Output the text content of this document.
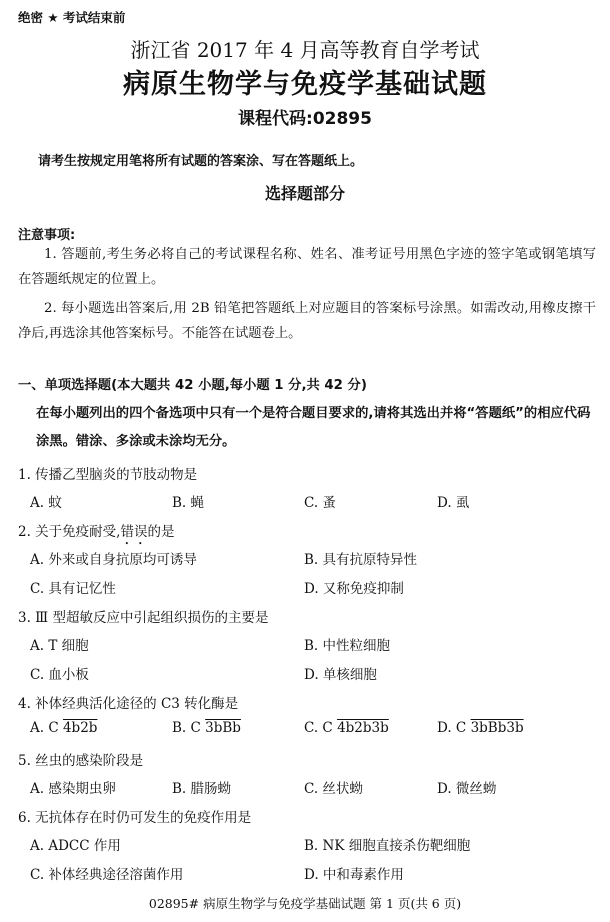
绝密 ★ 考试结束前
浙江省 2017 年 4 月高等教育自学考试
病原生物学与免疫学基础试题
课程代码:02895
请考生按规定用笔将所有试题的答案涂、写在答题纸上。
选择题部分
注意事项:
1. 答题前,考生务必将自己的考试课程名称、姓名、准考证号用黑色字迹的签字笔或钢笔填写在答题纸规定的位置上。
2. 每小题选出答案后,用 2B 铅笔把答题纸上对应题目的答案标号涂黑。如需改动,用橡皮擦干净后,再选涂其他答案标号。不能答在试题卷上。
一、单项选择题(本大题共 42 小题,每小题 1 分,共 42 分)
在每小题列出的四个备选项中只有一个是符合题目要求的,请将其选出并将“答题纸”的相应代码涂黑。错涂、多涂或未涂均无分。
1. 传播乙型脑炎的节肢动物是
A. 蚊	B. 蝇	C. 蚤	D. 虱
2. 关于免疫耐受,错误的是
A. 外来或自身抗原均可诱导	B. 具有抗原特异性
C. 具有记忆性	D. 又称免疫抑制
3. Ⅲ 型超敏反应中引起组织损伤的主要是
A. T 细胞	B. 中性粒细胞
C. 血小板	D. 单核细胞
4. 补体经典活化途径的 C3 转化酶是
A. C 4b2b	B. C 3bBb	C. C 4b2b3b	D. C 3bBb3b
5. 丝虫的感染阶段是
A. 感染期虫卵	B. 腊肠蚴	C. 丝状蚴	D. 微丝蚴
6. 无抗体存在时仍可发生的免疫作用是
A. ADCC 作用	B. NK 细胞直接杀伤靶细胞
C. 补体经典途径溶菌作用	D. 中和毒素作用
02895# 病原生物学与免疫学基础试题 第 1 页(共 6 页)
